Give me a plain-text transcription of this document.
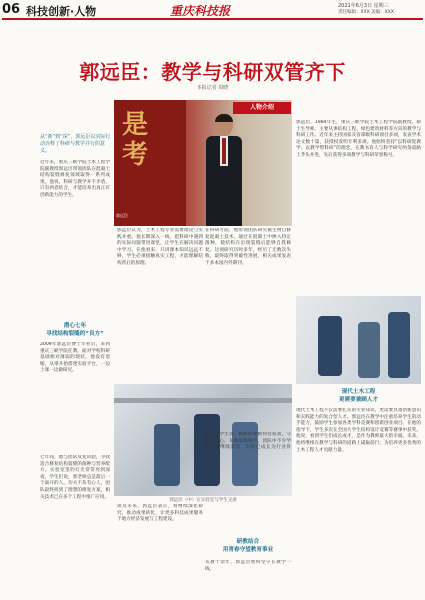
06 科技创新·人物	重庆科技报	2021年6月3日 星期三
责任编辑：XXX 美编：XXX
郭远臣：教学与科研双管齐下
本报记者 周晓
是
考
郭远臣
人物介绍
从“新”到“深”，郭远臣以实际行动诠释了科研与教学并行的意义。
近年来，重庆三峡学院土木工程学院副教授郭远臣带领团队在混凝土结构裂缝修复领域取得一系列成果。他说，科研与教学并不矛盾，只有两者结合，才能培养出真正有创新能力的学生。
郭远臣认为，土木工程专业需要理论与实践并重。他长期深入一线，把科研中遇到的实际问题带进课堂，让学生在解决问题中学习。在他看来，只讲课本知识远远不够，学生必须接触真实工程，才能理解结构背后的原理。
在科研方面，他带领团队研究微生物自修复混凝土技术，通过在混凝土中掺入特定菌种，使结构在出现裂缝后能够自我修复。这项研究历时多年，经历了无数次失败，最终取得突破性进展，相关成果发表于多本国内外期刊。
郭远臣，1984年生，重庆三峡学院土木工程学院副教授、硕士生导师。主要从事结构工程、绿色建筑材料等方向的教学与科研工作。近年来主持国家及省部级科研项目多项，发表学术论文数十篇，获授权发明专利多项。他始终坚持“以科研促教学、以教学带科研”的理念，在教书育人与科学研究两条道路上齐头并进，先后获得多项教学与科研荣誉称号。
潜心七年
寻找结构裂缝的“良方”
2009年郭远臣博士毕业后，来到重庆三峡学院任教。面对学校科研基础相对薄弱的现状，他没有退缩，从零开始搭建实验平台，一边上课一边做研究。
郭远臣（中）在实验室与学生交流
七年间，他与团队反复试验，寻找适合修复结构裂缝的菌种与营养配方。实验室里的灯光常常亮到深夜，学生们说，郭老师总是最后一个离开的人。功夫不负有心人，团队最终找到了理想的修复方案，相关技术已在多个工程中推广应用。
谈及未来，郭远臣表示，将继续深化研究，推动成果转化，让更多科技成果服务于地方经济发展与工程建设。
他常对学生说，做科研要耐得住寂寞，守得住初心。在他的影响下，团队中不少学生选择继续深造，有的已成长为行业骨干。
研教结合
用青春守望教育事业
从教十余年，郭远臣始终坚守在教学一线。
现代土木工程
更需要兼顾人才
现代土木工程不仅需要扎实的专业知识，更需要具备创新意识和实践能力的复合型人才。郭远臣在教学中注重培养学生的动手能力，鼓励学生参加各类学科竞赛和创新创业项目。在他的指导下，学生多次在全国大学生结构设计竞赛等赛事中获奖。他说，看到学生们成长成才，是作为教师最大的幸福。未来，他将继续在教学与科研的道路上砥砺前行，为培养更多优秀的土木工程人才贡献力量。
